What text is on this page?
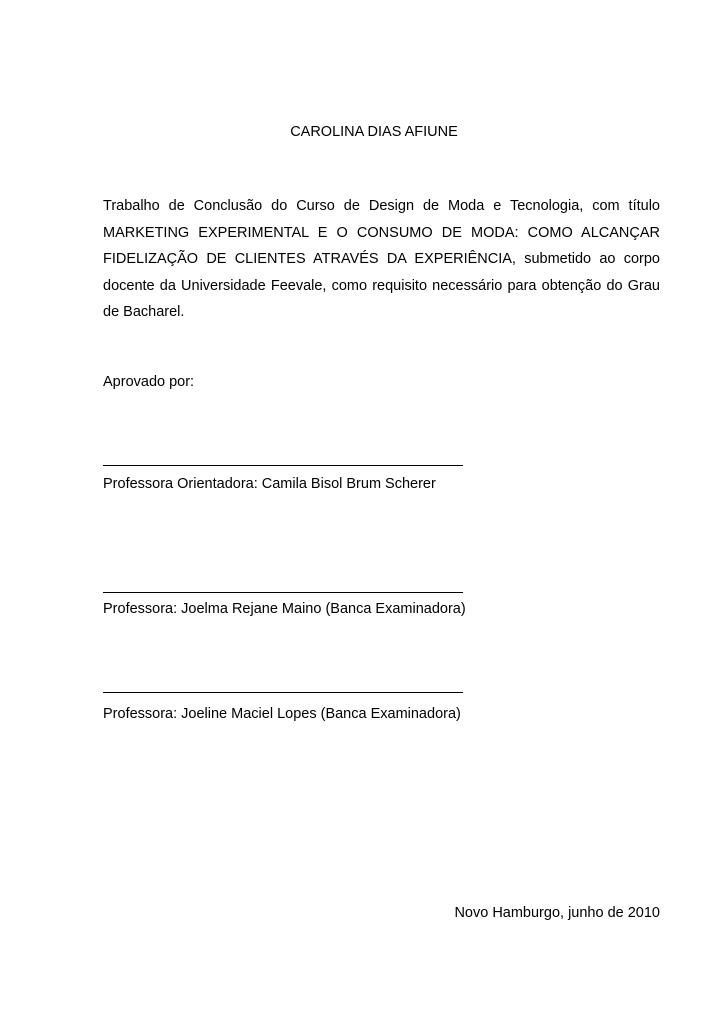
CAROLINA DIAS AFIUNE
Trabalho de Conclusão do Curso de Design de Moda e Tecnologia, com título MARKETING EXPERIMENTAL E O CONSUMO DE MODA: COMO ALCANÇAR FIDELIZAÇÃO DE CLIENTES ATRAVÉS DA EXPERIÊNCIA, submetido ao corpo docente da Universidade Feevale, como requisito necessário para obtenção do Grau de Bacharel.
Aprovado por:
Professora Orientadora: Camila Bisol Brum Scherer
Professora: Joelma Rejane Maino (Banca Examinadora)
Professora: Joeline Maciel Lopes (Banca Examinadora)
Novo Hamburgo, junho de 2010
